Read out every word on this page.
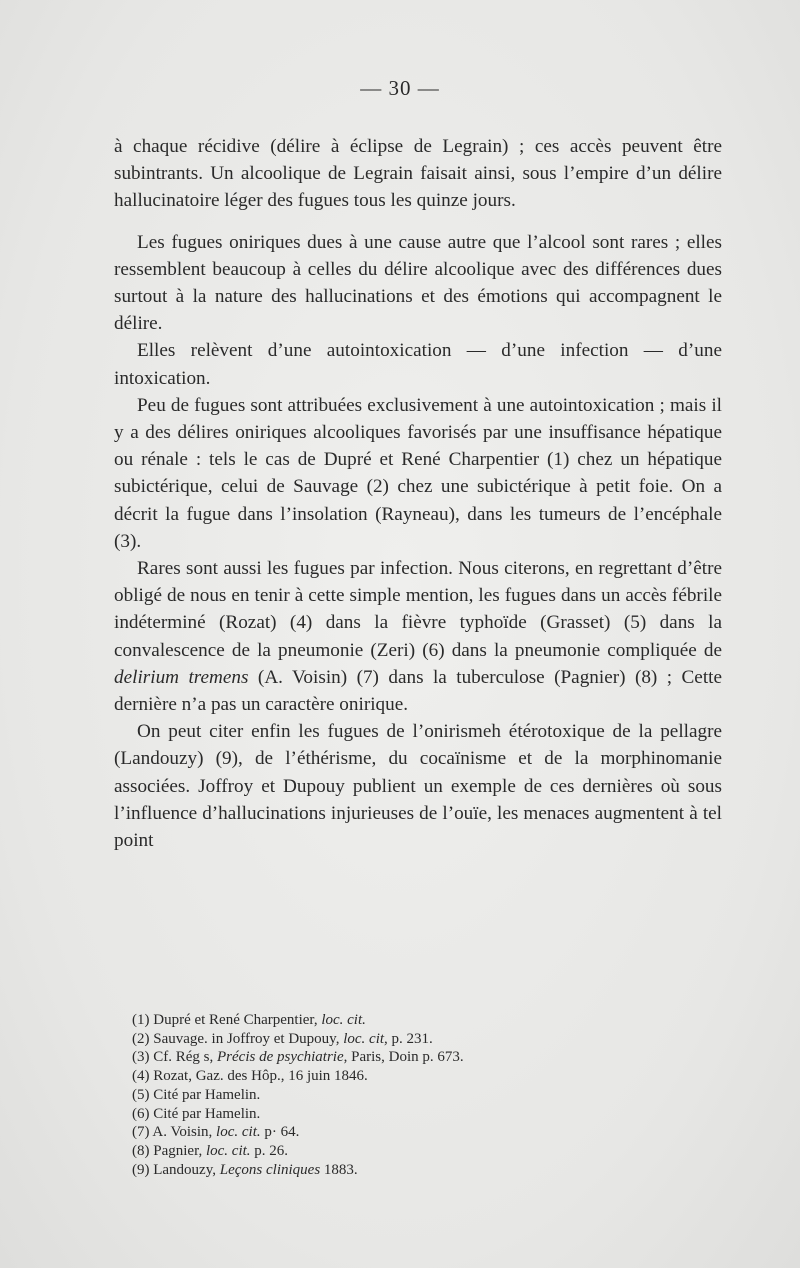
— 30 —

à chaque récidive (délire à éclipse de Legrain) ; ces accès peuvent être subintrants. Un alcoolique de Legrain faisait ainsi, sous l’empire d’un délire hallucinatoire léger des fugues tous les quinze jours.

Les fugues oniriques dues à une cause autre que l’alcool sont rares ; elles ressemblent beaucoup à celles du délire alcoolique avec des différences dues surtout à la nature des hallucinations et des émotions qui accompagnent le délire.

Elles relèvent d’une autointoxication — d’une infection — d’une intoxication.

Peu de fugues sont attribuées exclusivement à une autointoxication ; mais il y a des délires oniriques alcooliques favorisés par une insuffisance hépatique ou rénale : tels le cas de Dupré et René Charpentier (1) chez un hépatique subictérique, celui de Sauvage (2) chez une subictérique à petit foie. On a décrit la fugue dans l’insolation (Rayneau), dans les tumeurs de l’encéphale (3).

Rares sont aussi les fugues par infection. Nous citerons, en regrettant d’être obligé de nous en tenir à cette simple mention, les fugues dans un accès fébrile indéterminé (Rozat) (4) dans la fièvre typhoïde (Grasset) (5) dans la convalescence de la pneumonie (Zeri) (6) dans la pneumonie compliquée de delirium tremens (A. Voisin) (7) dans la tuberculose (Pagnier) (8) ; Cette dernière n’a pas un caractère onirique.

On peut citer enfin les fugues de l’onirismeh étérotoxique de la pellagre (Landouzy) (9), de l’éthérisme, du cocaïnisme et de la morphinomanie associées. Joffroy et Dupouy publient un exemple de ces dernières où sous l’influence d’hallucinations injurieuses de l’ouïe, les menaces augmentent à tel point

(1) Dupré et René Charpentier, loc. cit.

(2) Sauvage. in Joffroy et Dupouy, loc. cit, p. 231.

(3) Cf. Rég s, Précis de psychiatrie, Paris, Doin p. 673.

(4) Rozat, Gaz. des Hôp., 16 juin 1846.

(5) Cité par Hamelin.

(6) Cité par Hamelin.

(7) A. Voisin, loc. cit. p· 64.

(8) Pagnier, loc. cit. p. 26.

(9) Landouzy, Leçons cliniques 1883.
